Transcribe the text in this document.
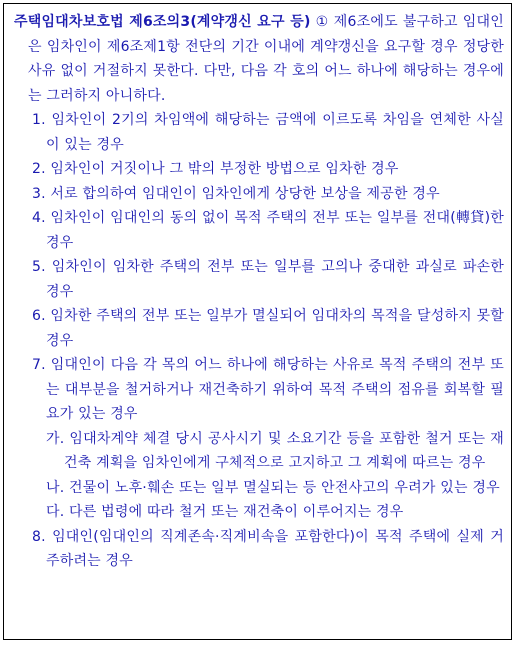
주택임대차보호법 제6조의3(계약갱신 요구 등) ① 제6조에도 불구하고 임대인은 임차인이 제6조제1항 전단의 기간 이내에 계약갱신을 요구할 경우 정당한 사유 없이 거절하지 못한다. 다만, 다음 각 호의 어느 하나에 해당하는 경우에는 그러하지 아니하다.

1. 임차인이 2기의 차임액에 해당하는 금액에 이르도록 차임을 연체한 사실이 있는 경우

2. 임차인이 거짓이나 그 밖의 부정한 방법으로 임차한 경우

3. 서로 합의하여 임대인이 임차인에게 상당한 보상을 제공한 경우

4. 임차인이 임대인의 동의 없이 목적 주택의 전부 또는 일부를 전대(轉貸)한 경우

5. 임차인이 임차한 주택의 전부 또는 일부를 고의나 중대한 과실로 파손한 경우

6. 임차한 주택의 전부 또는 일부가 멸실되어 임대차의 목적을 달성하지 못할 경우

7. 임대인이 다음 각 목의 어느 하나에 해당하는 사유로 목적 주택의 전부 또는 대부분을 철거하거나 재건축하기 위하여 목적 주택의 점유를 회복할 필요가 있는 경우

가. 임대차계약 체결 당시 공사시기 및 소요기간 등을 포함한 철거 또는 재건축 계획을 임차인에게 구체적으로 고지하고 그 계획에 따르는 경우

나. 건물이 노후·훼손 또는 일부 멸실되는 등 안전사고의 우려가 있는 경우

다. 다른 법령에 따라 철거 또는 재건축이 이루어지는 경우

8. 임대인(임대인의 직계존속·직계비속을 포함한다)이 목적 주택에 실제 거주하려는 경우
